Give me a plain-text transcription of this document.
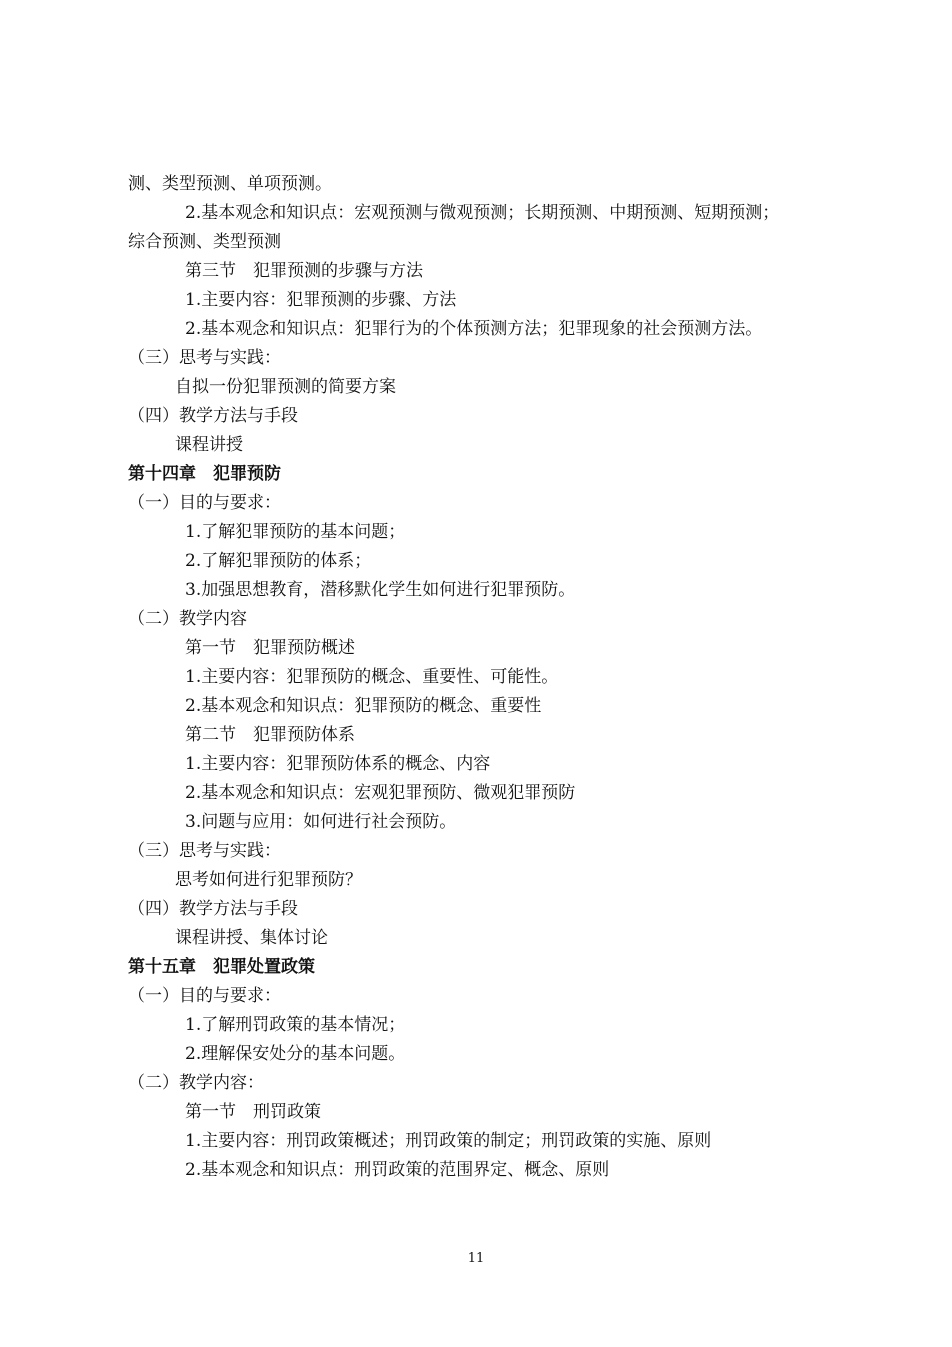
测、类型预测、单项预测。
2.基本观念和知识点：宏观预测与微观预测；长期预测、中期预测、短期预测；
综合预测、类型预测
第三节　犯罪预测的步骤与方法
1.主要内容：犯罪预测的步骤、方法
2.基本观念和知识点：犯罪行为的个体预测方法；犯罪现象的社会预测方法。
（三）思考与实践：
自拟一份犯罪预测的简要方案
（四）教学方法与手段
课程讲授
第十四章　犯罪预防
（一）目的与要求：
1.了解犯罪预防的基本问题；
2.了解犯罪预防的体系；
3.加强思想教育，潜移默化学生如何进行犯罪预防。
（二）教学内容
第一节　犯罪预防概述
1.主要内容：犯罪预防的概念、重要性、可能性。
2.基本观念和知识点：犯罪预防的概念、重要性
第二节　犯罪预防体系
1.主要内容：犯罪预防体系的概念、内容
2.基本观念和知识点：宏观犯罪预防、微观犯罪预防
3.问题与应用：如何进行社会预防。
（三）思考与实践：
思考如何进行犯罪预防？
（四）教学方法与手段
课程讲授、集体讨论
第十五章　犯罪处置政策
（一）目的与要求：
1.了解刑罚政策的基本情况；
2.理解保安处分的基本问题。
（二）教学内容：
第一节　刑罚政策
1.主要内容：刑罚政策概述；刑罚政策的制定；刑罚政策的实施、原则
2.基本观念和知识点：刑罚政策的范围界定、概念、原则
11
